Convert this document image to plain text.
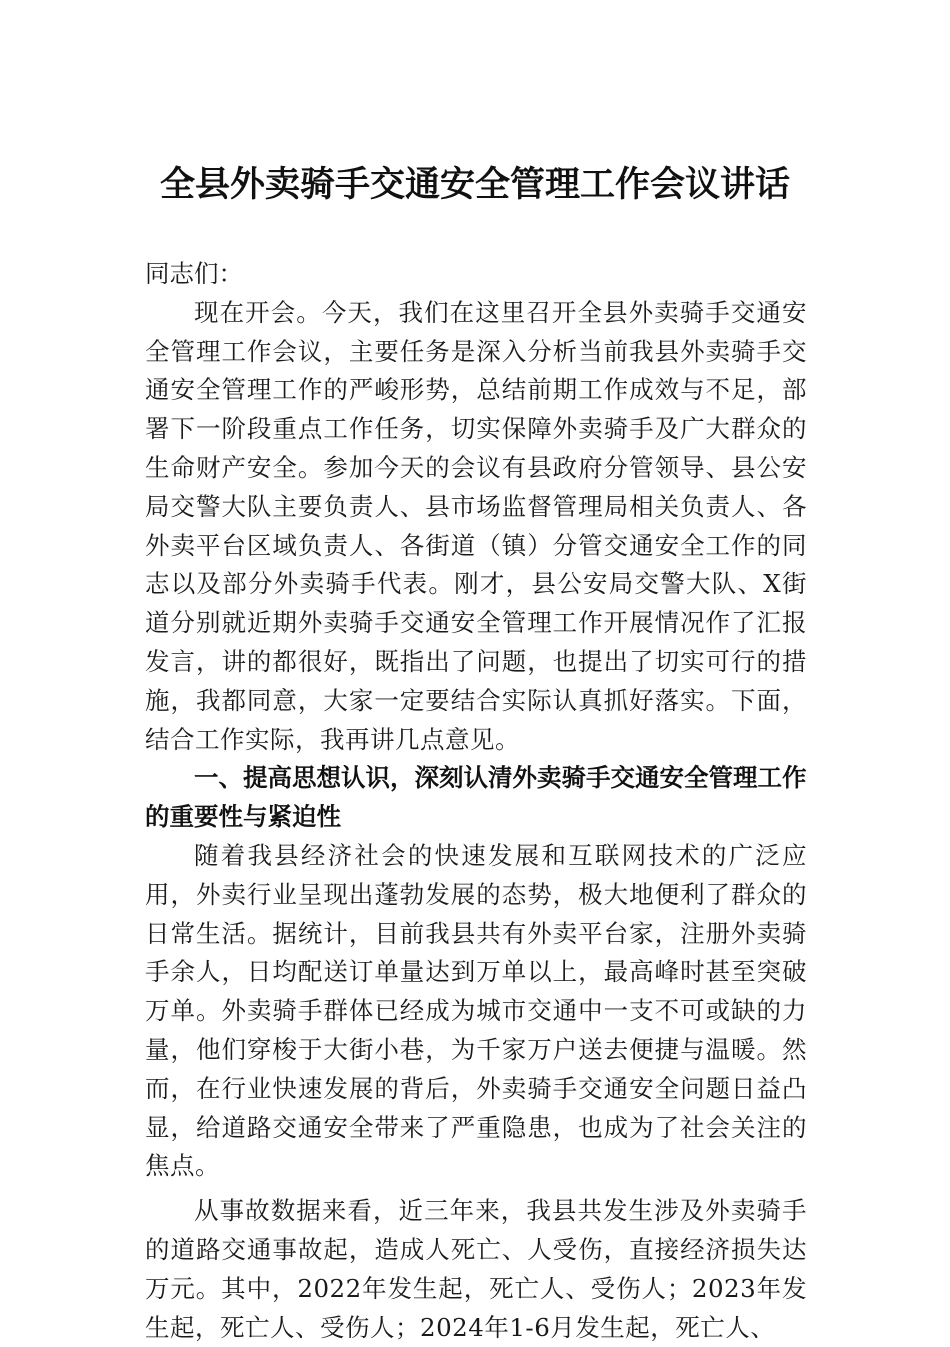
全县外卖骑手交通安全管理工作会议讲话

同志们：

现在开会。今天，我们在这里召开全县外卖骑手交通安全管理工作会议，主要任务是深入分析当前我县外卖骑手交通安全管理工作的严峻形势，总结前期工作成效与不足，部署下一阶段重点工作任务，切实保障外卖骑手及广大群众的生命财产安全。参加今天的会议有县政府分管领导、县公安局交警大队主要负责人、县市场监督管理局相关负责人、各外卖平台区域负责人、各街道（镇）分管交通安全工作的同志以及部分外卖骑手代表。刚才，县公安局交警大队、X街道分别就近期外卖骑手交通安全管理工作开展情况作了汇报发言，讲的都很好，既指出了问题，也提出了切实可行的措施，我都同意，大家一定要结合实际认真抓好落实。下面，结合工作实际，我再讲几点意见。

一、提高思想认识，深刻认清外卖骑手交通安全管理工作的重要性与紧迫性

随着我县经济社会的快速发展和互联网技术的广泛应用，外卖行业呈现出蓬勃发展的态势，极大地便利了群众的日常生活。据统计，目前我县共有外卖平台家，注册外卖骑手余人，日均配送订单量达到万单以上，最高峰时甚至突破万单。外卖骑手群体已经成为城市交通中一支不可或缺的力量，他们穿梭于大街小巷，为千家万户送去便捷与温暖。然而，在行业快速发展的背后，外卖骑手交通安全问题日益凸显，给道路交通安全带来了严重隐患，也成为了社会关注的焦点。

从事故数据来看，近三年来，我县共发生涉及外卖骑手的道路交通事故起，造成人死亡、人受伤，直接经济损失达万元。其中，2022年发生起，死亡人、受伤人；2023年发生起，死亡人、受伤人；2024年1-6月发生起，死亡人、
